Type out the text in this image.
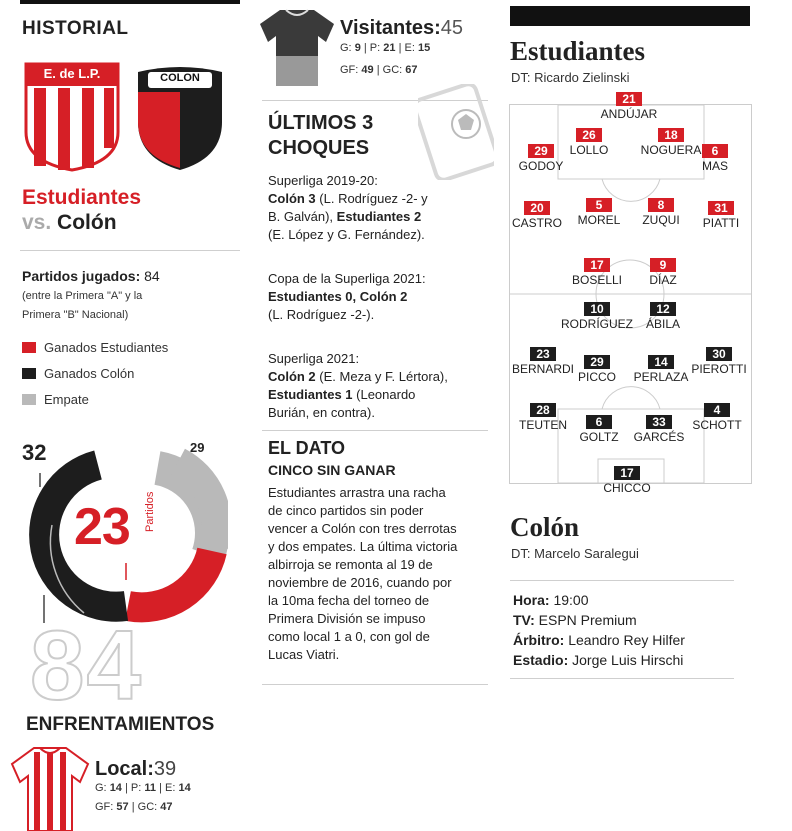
HISTORIAL
E. de L.P.	COLON
Estudiantes
vs. Colón
Partidos jugados: 84
(entre la Primera "A" y la
Primera "B" Nacional)
Ganados Estudiantes
Ganados Colón
Empate
32	29
23 Partidos
84
ENFRENTAMIENTOS
Local:39
G: 14 | P: 11 | E: 14
GF: 57 | GC: 47
Visitantes:45
G: 9 | P: 21 | E: 15
GF: 49 | GC: 67
ÚLTIMOS 3
CHOQUES

Superliga 2019-20:

Colón 3 (L. Rodríguez -2- y

B. Galván), Estudiantes 2

(E. López y G. Fernández).

Copa de la Superliga 2021:

Estudiantes 0, Colón 2

(L. Rodríguez -2-).

Superliga 2021:

Colón 2 (E. Meza y F. Lértora),

Estudiantes 1 (Leonardo

Burián, en contra).

EL DATO
CINCO SIN GANAR

Estudiantes arrastra una racha

de cinco partidos sin poder

vencer a Colón con tres derrotas

y dos empates. La última victoria

albirroja se remonta al 19 de

noviembre de 2016, cuando por

la 10ma fecha del torneo de

Primera División se impuso

como local 1 a 0, con gol de

Lucas Viatri.

Estudiantes
DT: Ricardo Zielinski
21
ANDÚJAR
26
LOLLO
18
NOGUERA
29
GODOY
6
MAS
20
CASTRO
5
MOREL
8
ZUQUI
31
PIATTI
17
BOSELLI
9
DÍAZ
10
RODRÍGUEZ
12
ÁBILA
23
BERNARDI	29
PICCO
14
PERLAZA
30
PIEROTTI
28
TEUTEN	6
GOLTZ
33
GARCÉS
4
SCHOTT
17
CHICCO
Colón
DT: Marcelo Saralegui
Hora: 19:00
TV: ESPN Premium
Árbitro: Leandro Rey Hilfer
Estadio: Jorge Luis Hirschi
